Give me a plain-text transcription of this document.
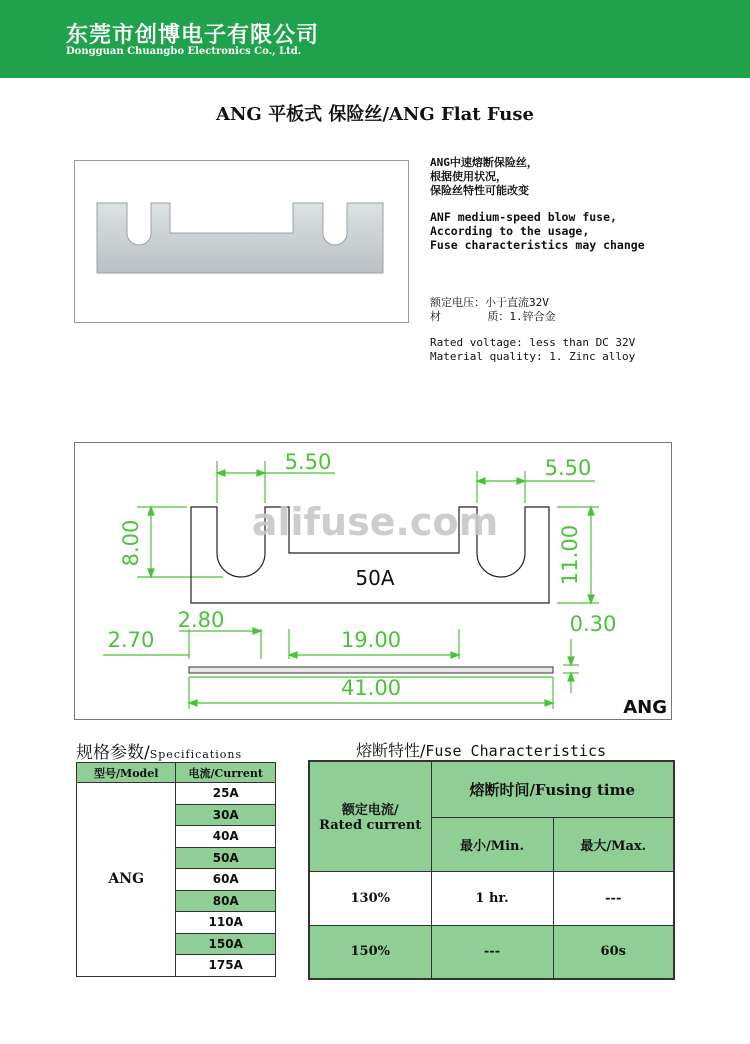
东莞市创博电子有限公司
Dongguan Chuangbo Electronics Co., Ltd.
ANG 平板式 保险丝/ANG Flat Fuse
ANG中速熔断保险丝，
根据使用状况，
保险丝特性可能改变
ANF medium-speed blow fuse,
According to the usage,
Fuse characteristics may change
额定电压：小于直流32V
材       质：1.锌合金
Rated voltage: less than DC 32V
Material quality: 1. Zinc alloy
alifuse.com
50A
5.50	5.50
8.00	11.00
2.80
2.70	19.00
0.30
41.00
ANG
规格参数/Specifications
型号/Model	电流/Current
ANG	25A
	30A
	40A
	50A
	60A
	80A
	110A
	150A
	175A
熔断特性/Fuse Characteristics
额定电流/
Rated current	熔断时间/Fusing time	
	最小/Min.	最大/Max.
130%	1 hr.	---
150%	---	60s
